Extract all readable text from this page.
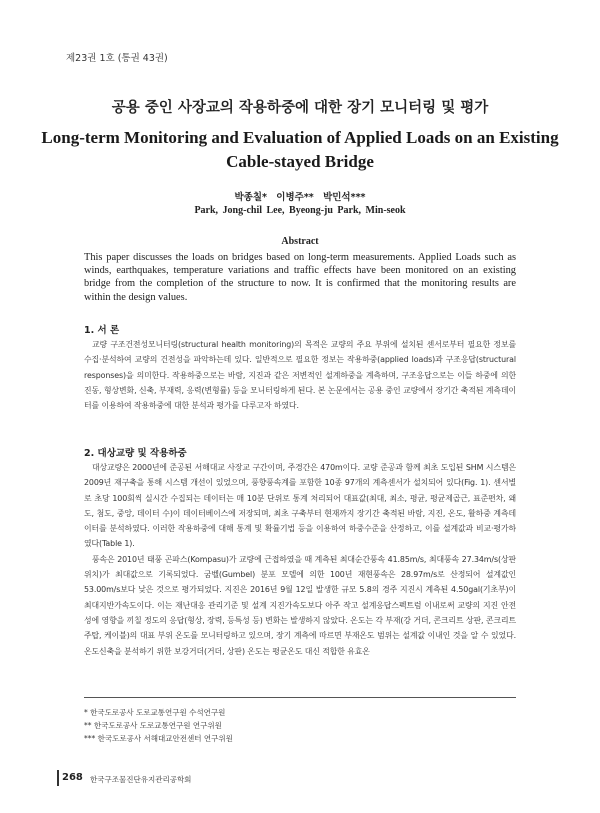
제23권 1호 (통권 43권)
공용 중인 사장교의 작용하중에 대한 장기 모니터링 및 평가
Long-term Monitoring and Evaluation of Applied Loads on an Existing
Cable-stayed Bridge
박종칠* 이병주** 박민석***
Park, Jong-chil Lee, Byeong-ju Park, Min-seok
Abstract
This paper discusses the loads on bridges based on long-term measurements. Applied Loads such as winds, earthquakes, temperature variations and traffic effects have been monitored on an existing bridge from the completion of the structure to now. It is confirmed that the monitoring results are within the design values.
1. 서 론

교량 구조건전성모니터링(structural health monitoring)의 목적은 교량의 주요 부위에 설치된 센서로부터 필요한 정보를 수집·분석하여 교량의 건전성을 파악하는데 있다. 일반적으로 필요한 정보는 작용하중(applied loads)과 구조응답(structural responses)을 의미한다. 작용하중으로는 바람, 지진과 같은 저변적인 설계하중을 계측하며, 구조응답으로는 이들 하중에 의한 진동, 형상변화, 신축, 부재력, 응력(변형률) 등을 모니터링하게 된다. 본 논문에서는 공용 중인 교량에서 장기간 축적된 계측데이터를 이용하여 작용하중에 대한 분석과 평가를 다루고자 하였다.

2. 대상교량 및 작용하중

대상교량은 2000년에 준공된 서해대교 사장교 구간이며, 주경간은 470m이다. 교량 준공과 함께 최초 도입된 SHM 시스템은 2009년 재구축을 통해 시스템 개선이 있었으며, 풍향풍속계를 포함한 10종 97개의 계측센서가 설치되어 있다(Fig. 1). 센서별로 초당 100회씩 실시간 수집되는 데이터는 매 10분 단위로 통계 처리되어 대표값(최대, 최소, 평균, 평균제곱근, 표준편차, 왜도, 첨도, 중앙, 데이터 수)이 데이터베이스에 저장되며, 최초 구축부터 현재까지 장기간 축적된 바람, 지진, 온도, 활하중 계측데이터를 분석하였다. 이러한 작용하중에 대해 통계 및 확률기법 등을 이용하여 하중수준을 산정하고, 이를 설계값과 비교·평가하였다(Table 1).

풍속은 2010년 태풍 곤파스(Kompasu)가 교량에 근접하였을 때 계측된 최대순간풍속 41.85m/s, 최대풍속 27.34m/s(상판 위치)가 최대값으로 기록되었다. 굼벨(Gumbel) 분포 모델에 의한 100년 재현풍속은 28.97m/s로 산정되어 설계값인 53.00m/s보다 낮은 것으로 평가되었다. 지진은 2016년 9월 12일 발생한 규모 5.8의 경주 지진시 계측된 4.50gal(기초부)이 최대지반가속도이다. 이는 재난대응 관리기준 및 설계 지진가속도보다 아주 작고 설계응답스펙트럼 이내로써 교량의 지진 안전성에 영향을 끼칠 정도의 응답(형상, 장력, 등특성 등) 변화는 발생하지 않았다. 온도는 각 부재(강 거더, 콘크리트 상판, 콘크리트 주탑, 케이블)의 대표 부위 온도를 모니터링하고 있으며, 장기 계측에 따르면 부재온도 범위는 설계값 이내인 것을 알 수 있었다. 온도신축을 분석하기 위한 보강거더(거더, 상판) 온도는 평균온도 대신 적합한 유효온

* 한국도로공사 도로교통연구원 수석연구원
** 한국도로공사 도로교통연구원 연구위원
*** 한국도로공사 서해대교안전센터 연구위원
268 한국구조물진단유지관리공학회
